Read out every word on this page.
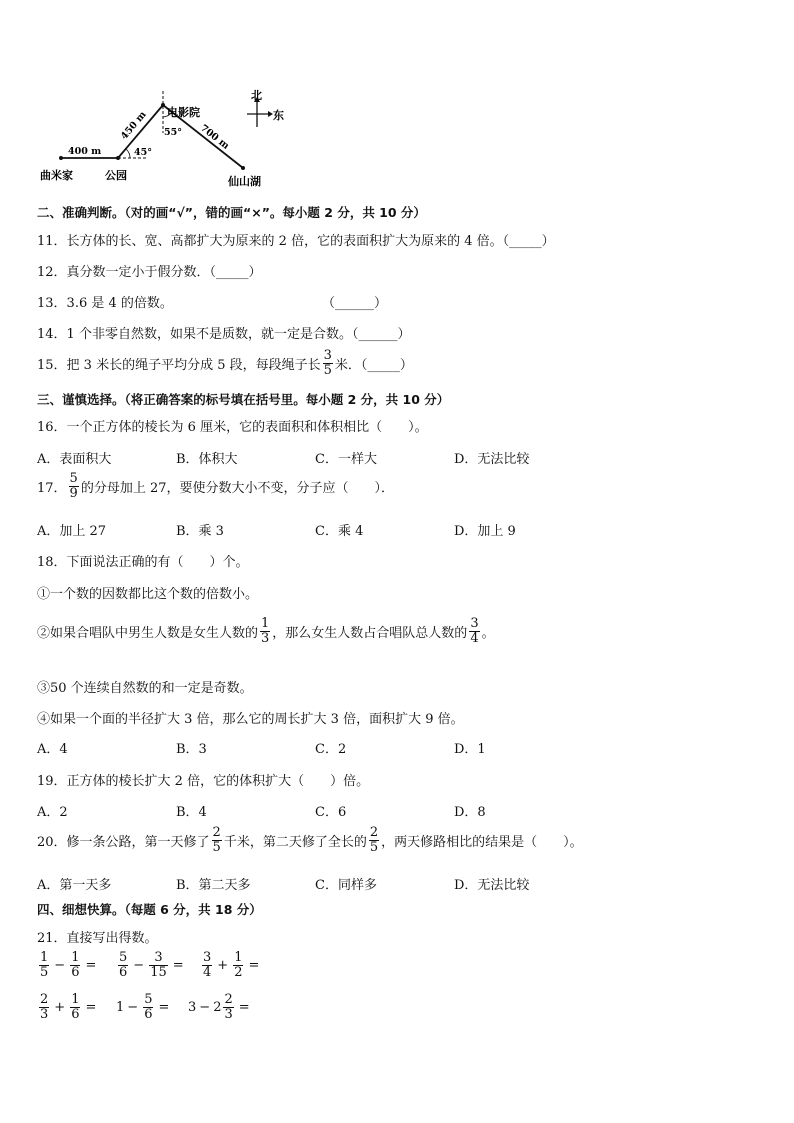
400 m	45°
450 m 55° 700 m
电影院
曲米家	公园	仙山湖
北
东
二、准确判断。（对的画“√”，错的画“×”。每小题 2 分，共 10 分）
11．长方体的长、宽、高都扩大为原来的 2 倍，它的表面积扩大为原来的 4 倍。（_____）
12．真分数一定小于假分数．（_____）
13．3.6 是 4 的倍数。	（______）
14．1 个非零自然数，如果不是质数，就一定是合数。（______）
15．把 3 米长的绳子平均分成 5 段，每段绳子长 $\frac{3}{5}$ 米．（_____）
三、谨慎选择。（将正确答案的标号填在括号里。每小题 2 分，共 10 分）
16．一个正方体的棱长为 6 厘米，它的表面积和体积相比（　　）。
A．表面积大	B．体积大	C．一样大	D．无法比较
17． $\frac{5}{9}$ 的分母加上 27，要使分数大小不变，分子应（　　）．
A．加上 27	B．乘 3	C．乘 4	D．加上 9
18．下面说法正确的有（　　）个。
①一个数的因数都比这个数的倍数小。
②如果合唱队中男生人数是女生人数的 $\frac{1}{3}$ ，那么女生人数占合唱队总人数的 $\frac{3}{4}$ 。
③50 个连续自然数的和一定是奇数。
④如果一个面的半径扩大 3 倍，那么它的周长扩大 3 倍，面积扩大 9 倍。
A．4	B．3	C．2	D．1
19．正方体的棱长扩大 2 倍，它的体积扩大（　　）倍。
A．2	B．4	C．6	D．8
20．修一条公路，第一天修了 $\frac{2}{5}$ 千米，第二天修了全长的 $\frac{2}{5}$ ，两天修路相比的结果是（　　）。
A．第一天多	B．第二天多	C．同样多	D．无法比较
四、细想快算。（每题 6 分，共 18 分）
21．直接写出得数。
$\frac{1}{5} - \frac{1}{6} = \frac{5}{6} - \frac{3}{15} = \frac{3}{4} + \frac{1}{2}$ =
$\frac{2}{3} + \frac{1}{6} = 1 - \frac{5}{6} = 3 - 2 \frac{2}{3}$ =
